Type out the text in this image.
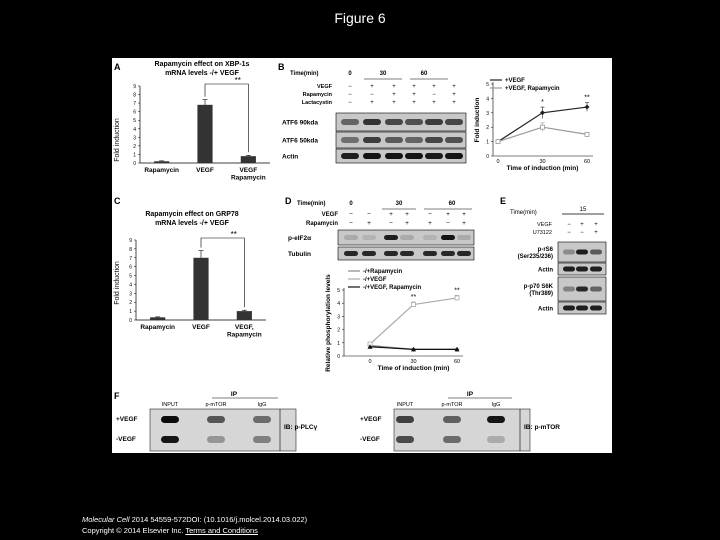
Figure 6
A	Rapamycin effect on XBP-1s
mRNA levels -/+ VEGF
0
1
2
3
4
5
6
7
8
9
Rapamycin	VEGF	VEGF Rapamycin
**
Fold induction
B
Time(min)	0	30	60
VEGF	−	+	+	+	+	+
Rapamycin	−	−	+	+	−	+
Lactacystin	−	+	+	+	+	+
ATF6 90kda
ATF6 50kda
Actin	0
1
2
3
4
5
0	30	60
Time of induction (min)
Fold induction
+VEGF
+VEGF, Rapamycin
*
**
C
Rapamycin effect on GRP78
mRNA levels -/+ VEGF
0
1
2
3
4
5
6
7
8
9
Rapamycin	VEGF	VEGF, Rapamycin
**
Fold induction
D Time(min)	0	30	60
VEGF − −	+ +	− + +
Rapamycin − +	− +	+ − +
p-eIF2α
Tubulin
0
1
2
3
4
5
0	30	60
Time of induction (min)
Relative phosphorylation levels
-/+Rapamycin
-/+VEGF
-/+VEGF, Rapamycin
**
**
E
Time(min)	15
VEGF	− + +
U73122	− − +
p-rS6 (Ser235/236)
Actin
p-p70 S6K (Thr389)
Actin
F	IP
INPUT	p-mTOR	IgG
+VEGF
-VEGF
IB: p-PLCγ
IP
INPUT	p-mTOR	IgG
+VEGF
-VEGF
IB: p-mTOR
Molecular Cell 2014 54559-572DOI: (10.1016/j.molcel.2014.03.022)
Copyright © 2014 Elsevier Inc. Terms and Conditions
